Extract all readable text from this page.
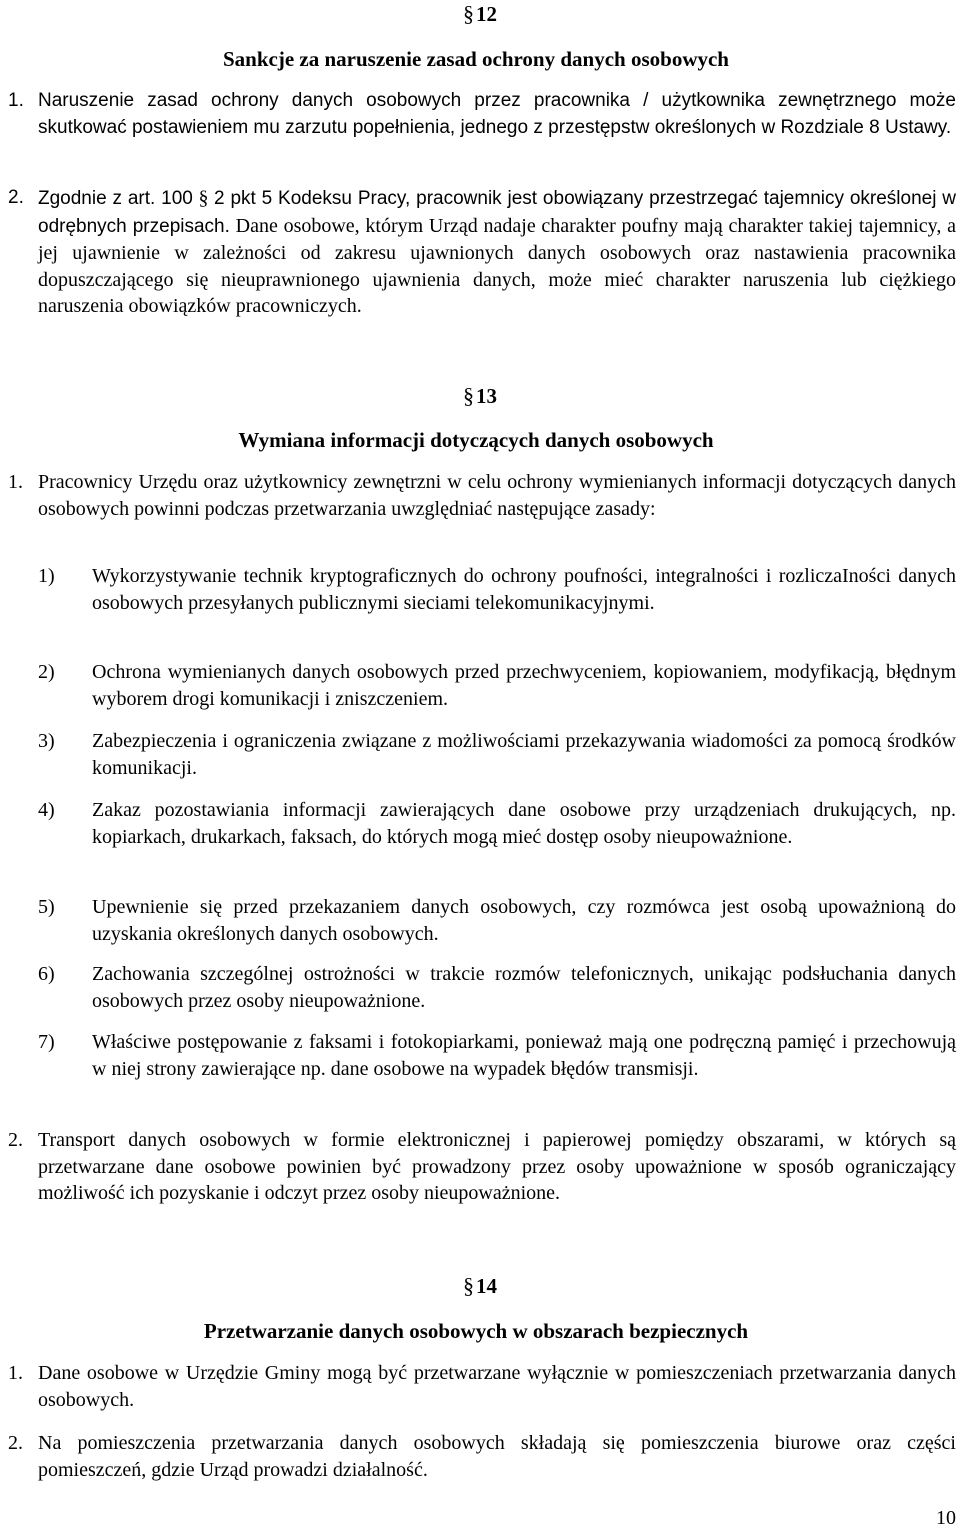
§12
Sankcje za naruszenie zasad ochrony danych osobowych
1. Naruszenie zasad ochrony danych osobowych przez pracownika / użytkownika zewnętrznego może skutkować postawieniem mu zarzutu popełnienia, jednego z przestępstw określonych w Rozdziale 8 Ustawy.
2. Zgodnie z art. 100 § 2 pkt 5 Kodeksu Pracy, pracownik jest obowiązany przestrzegać tajemnicy określonej w odrębnych przepisach. Dane osobowe, którym Urząd nadaje charakter poufny mają charakter takiej tajemnicy, a jej ujawnienie w zależności od zakresu ujawnionych danych osobowych oraz nastawienia pracownika dopuszczającego się nieuprawnionego ujawnienia danych, może mieć charakter naruszenia lub ciężkiego naruszenia obowiązków pracowniczych.
§13
Wymiana informacji dotyczących danych osobowych
1. Pracownicy Urzędu oraz użytkownicy zewnętrzni w celu ochrony wymienianych informacji dotyczących danych osobowych powinni podczas przetwarzania uwzględniać następujące zasady:
1) Wykorzystywanie technik kryptograficznych do ochrony poufności, integralności i rozliczaIności danych osobowych przesyłanych publicznymi sieciami telekomunikacyjnymi.
2) Ochrona wymienianych danych osobowych przed przechwyceniem, kopiowaniem, modyfikacją, błędnym wyborem drogi komunikacji i zniszczeniem.
3) Zabezpieczenia i ograniczenia związane z możliwościami przekazywania wiadomości za pomocą środków komunikacji.
4) Zakaz pozostawiania informacji zawierających dane osobowe przy urządzeniach drukujących, np. kopiarkach, drukarkach, faksach, do których mogą mieć dostęp osoby nieupoważnione.
5) Upewnienie się przed przekazaniem danych osobowych, czy rozmówca jest osobą upoważnioną do uzyskania określonych danych osobowych.
6) Zachowania szczególnej ostrożności w trakcie rozmów telefonicznych, unikając podsłuchania danych osobowych przez osoby nieupoważnione.
7) Właściwe postępowanie z faksami i fotokopiarkami, ponieważ mają one podręczną pamięć i przechowują w niej strony zawierające np. dane osobowe na wypadek błędów transmisji.
2. Transport danych osobowych w formie elektronicznej i papierowej pomiędzy obszarami, w których są przetwarzane dane osobowe powinien być prowadzony przez osoby upoważnione w sposób ograniczający możliwość ich pozyskanie i odczyt przez osoby nieupoważnione.
§14
Przetwarzanie danych osobowych w obszarach bezpiecznych
1. Dane osobowe w Urzędzie Gminy mogą być przetwarzane wyłącznie w pomieszczeniach przetwarzania danych osobowych.
2. Na pomieszczenia przetwarzania danych osobowych składają się pomieszczenia biurowe oraz części pomieszczeń, gdzie Urząd prowadzi działalność.
10
